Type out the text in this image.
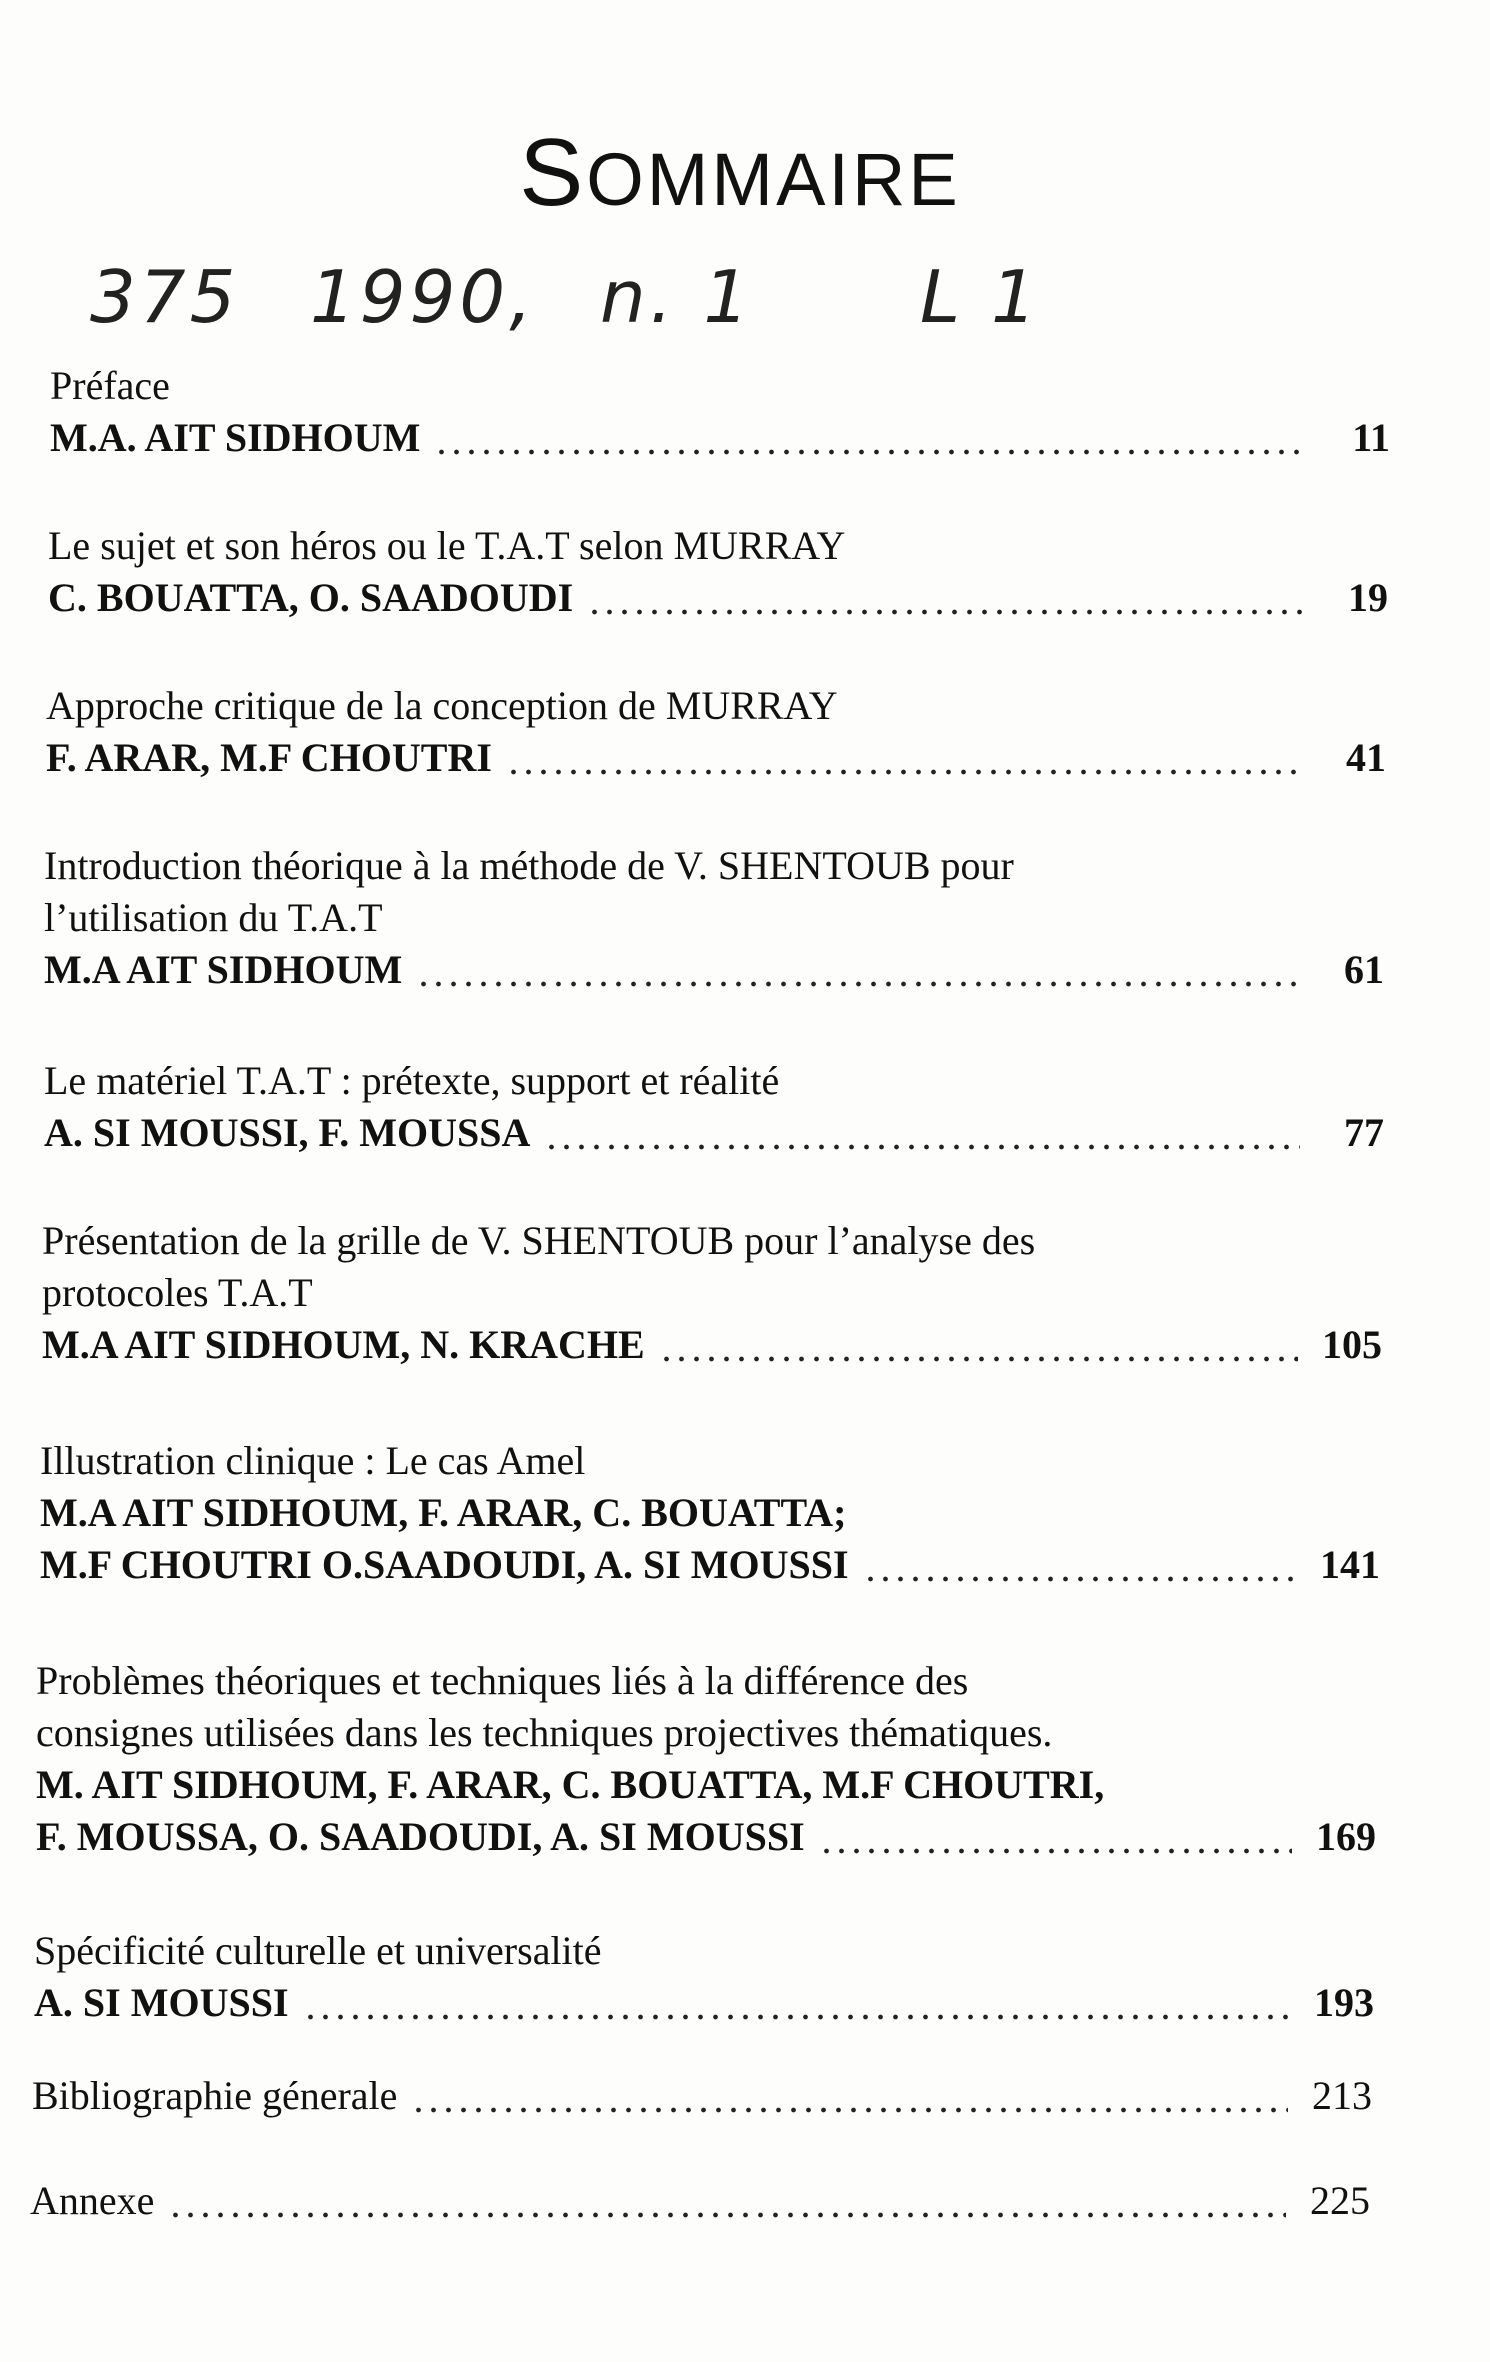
SOMMAIRE
375 1990, n. 1 L 1
Préface
M.A. AIT SIDHOUM	11
Le sujet et son héros ou le T.A.T selon MURRAY
C. BOUATTA, O. SAADOUDI	19
Approche critique de la conception de MURRAY
F. ARAR, M.F CHOUTRI	41
Introduction théorique à la méthode de V. SHENTOUB pour
l’utilisation du T.A.T
M.A AIT SIDHOUM	61
Le matériel T.A.T : prétexte, support et réalité
A. SI MOUSSI, F. MOUSSA	77
Présentation de la grille de V. SHENTOUB pour l’analyse des
protocoles T.A.T
M.A AIT SIDHOUM, N. KRACHE	105
Illustration clinique : Le cas Amel
M.A AIT SIDHOUM, F. ARAR, C. BOUATTA;
M.F CHOUTRI O.SAADOUDI, A. SI MOUSSI	141
Problèmes théoriques et techniques liés à la différence des
consignes utilisées dans les techniques projectives thématiques.
M. AIT SIDHOUM, F. ARAR, C. BOUATTA, M.F CHOUTRI,
F. MOUSSA, O. SAADOUDI, A. SI MOUSSI	169
Spécificité culturelle et universalité
A. SI MOUSSI	193
Bibliographie génerale	213
Annexe	225
